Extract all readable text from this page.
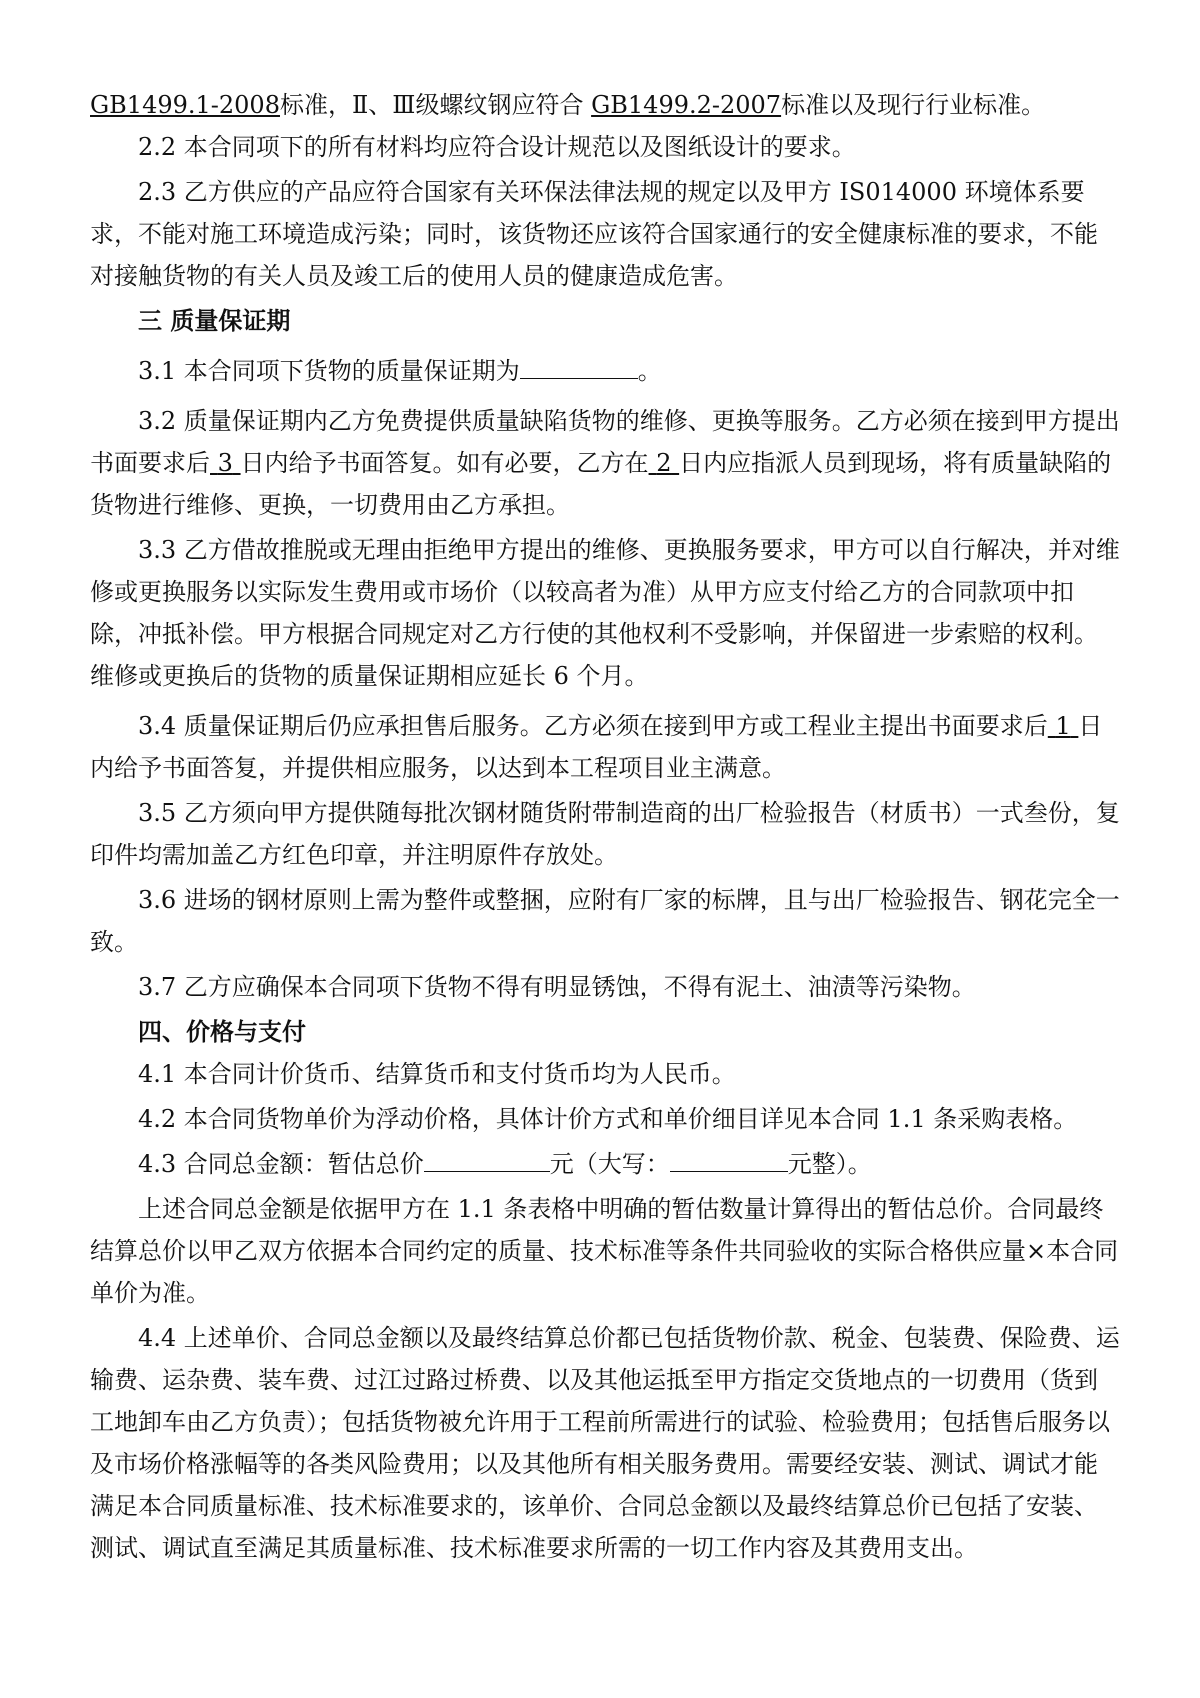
GB1499.1-2008标准，Ⅱ、Ⅲ级螺纹钢应符合 GB1499.2-2007标准以及现行行业标准。

2.2 本合同项下的所有材料均应符合设计规范以及图纸设计的要求。

2.3 乙方供应的产品应符合国家有关环保法律法规的规定以及甲方 IS014000 环境体系要求，不能对施工环境造成污染；同时，该货物还应该符合国家通行的安全健康标准的要求，不能对接触货物的有关人员及竣工后的使用人员的健康造成危害。

三 质量保证期

3.1 本合同项下货物的质量保证期为	。

3.2 质量保证期内乙方免费提供质量缺陷货物的维修、更换等服务。乙方必须在接到甲方提出书面要求后 3 日内给予书面答复。如有必要，乙方在 2 日内应指派人员到现场，将有质量缺陷的货物进行维修、更换，一切费用由乙方承担。

3.3 乙方借故推脱或无理由拒绝甲方提出的维修、更换服务要求，甲方可以自行解决，并对维修或更换服务以实际发生费用或市场价（以较高者为准）从甲方应支付给乙方的合同款项中扣除，冲抵补偿。甲方根据合同规定对乙方行使的其他权利不受影响，并保留进一步索赔的权利。维修或更换后的货物的质量保证期相应延长 6 个月。

3.4 质量保证期后仍应承担售后服务。乙方必须在接到甲方或工程业主提出书面要求后 1 日内给予书面答复，并提供相应服务，以达到本工程项目业主满意。

3.5 乙方须向甲方提供随每批次钢材随货附带制造商的出厂检验报告（材质书）一式叁份，复印件均需加盖乙方红色印章，并注明原件存放处。

3.6 进场的钢材原则上需为整件或整捆，应附有厂家的标牌，且与出厂检验报告、钢花完全一致。

3.7 乙方应确保本合同项下货物不得有明显锈蚀，不得有泥土、油渍等污染物。

四、价格与支付

4.1 本合同计价货币、结算货币和支付货币均为人民币。

4.2 本合同货物单价为浮动价格，具体计价方式和单价细目详见本合同 1.1 条采购表格。

4.3 合同总金额：暂估总价	元（大写：	元整）。

上述合同总金额是依据甲方在 1.1 条表格中明确的暂估数量计算得出的暂估总价。合同最终结算总价以甲乙双方依据本合同约定的质量、技术标准等条件共同验收的实际合格供应量×本合同单价为准。

4.4 上述单价、合同总金额以及最终结算总价都已包括货物价款、税金、包装费、保险费、运输费、运杂费、装车费、过江过路过桥费、以及其他运抵至甲方指定交货地点的一切费用（货到工地卸车由乙方负责）；包括货物被允许用于工程前所需进行的试验、检验费用；包括售后服务以及市场价格涨幅等的各类风险费用；以及其他所有相关服务费用。需要经安装、测试、调试才能满足本合同质量标准、技术标准要求的，该单价、合同总金额以及最终结算总价已包括了安装、测试、调试直至满足其质量标准、技术标准要求所需的一切工作内容及其费用支出。
